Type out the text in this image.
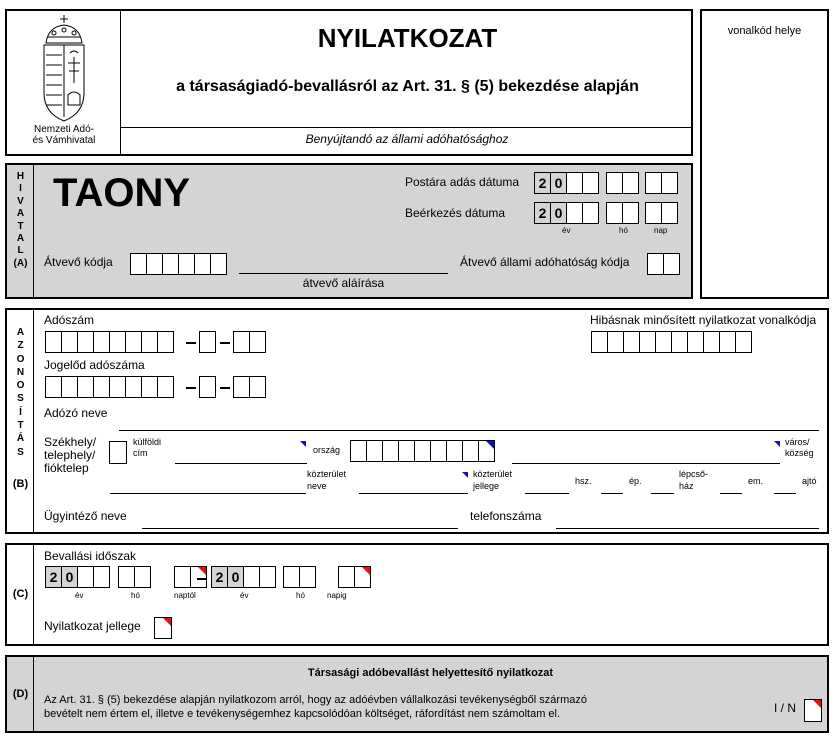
Nemzeti Adó-
és Vámhivatal
NYILATKOZAT
a társaságiadó-bevallásról az Art. 31. § (5) bekezdése alapján
Benyújtandó az állami adóhatósághoz
vonalkód helye
H
I
V
A
T
A
L
(A)
TAONY	Postára adás dátuma	2 0
Beérkezés dátuma	2 0
év	hó	nap
Átvevő kódja
átvevő aláírása
Átvevő állami adóhatóság kódja
A
Z
O
N
O
S
Í
T
Á
S
(B)
Adószám	Hibásnak minősített nyilatkozat vonalkódja
Jogelőd adószáma
Adózó neve
Székhely/
telephely/
fióktelep
külföldi
cím	ország
város/
község
közterület
neve
közterület
jellege	hsz.	ép.
lépcső-
ház	em.	ajtó
Ügyintéző neve	telefonszáma
(C)
Bevallási időszak
2 0	2 0
év	hó	naptól	év	hó	napig
Nyilatkozat jellege
(D)
Társasági adóbevallást helyettesítő nyilatkozat
Az Art. 31. § (5) bekezdése alapján nyilatkozom arról, hogy az adóévben vállalkozási tevékenységből származó
bevételt nem értem el, illetve e tevékenységemhez kapcsolódóan költséget, ráfordítást nem számoltam el.	I / N
